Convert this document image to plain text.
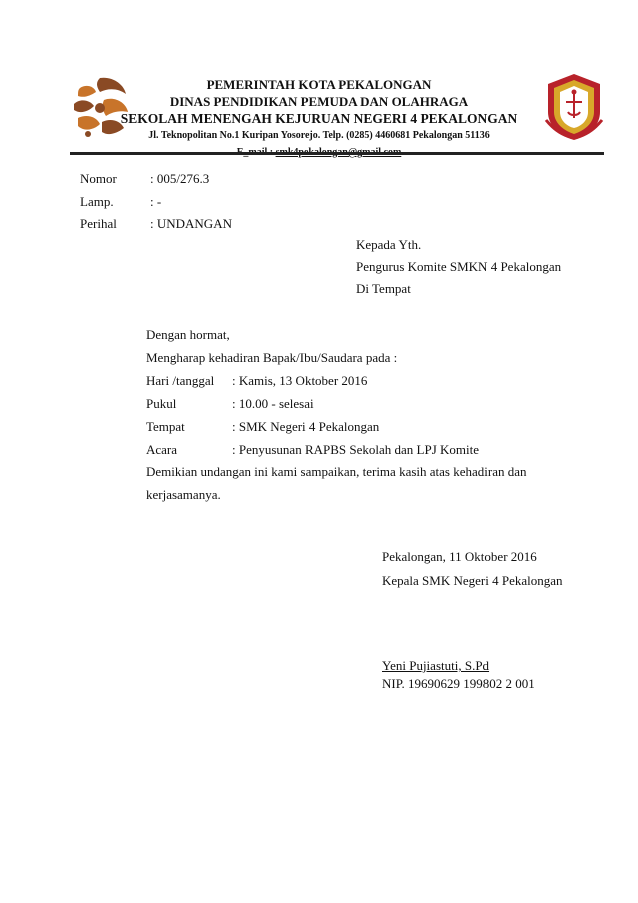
PEMERINTAH KOTA PEKALONGAN
DINAS PENDIDIKAN PEMUDA DAN OLAHRAGA
SEKOLAH MENENGAH KEJURUAN NEGERI 4 PEKALONGAN
Jl. Teknopolitan No.1 Kuripan Yosorejo. Telp. (0285) 4460681 Pekalongan 51136
Nomor	: 005/276.3
Lamp.	: -
Perihal	: UNDANGAN
Kepada Yth.
Pengurus Komite SMKN 4 Pekalongan
Di Tempat
Dengan hormat,
Mengharap kehadiran Bapak/Ibu/Saudara pada :
Hari /tanggal : Kamis, 13 Oktober 2016
Pukul	: 10.00 - selesai
Tempat	: SMK Negeri 4 Pekalongan
Acara	: Penyusunan RAPBS Sekolah dan LPJ Komite
Demikian undangan ini kami sampaikan, terima kasih atas kehadiran dan
kerjasamanya.
Pekalongan, 11 Oktober 2016
Kepala SMK Negeri 4 Pekalongan
Yeni Pujiastuti, S.Pd
NIP. 19690629 199802 2 001
